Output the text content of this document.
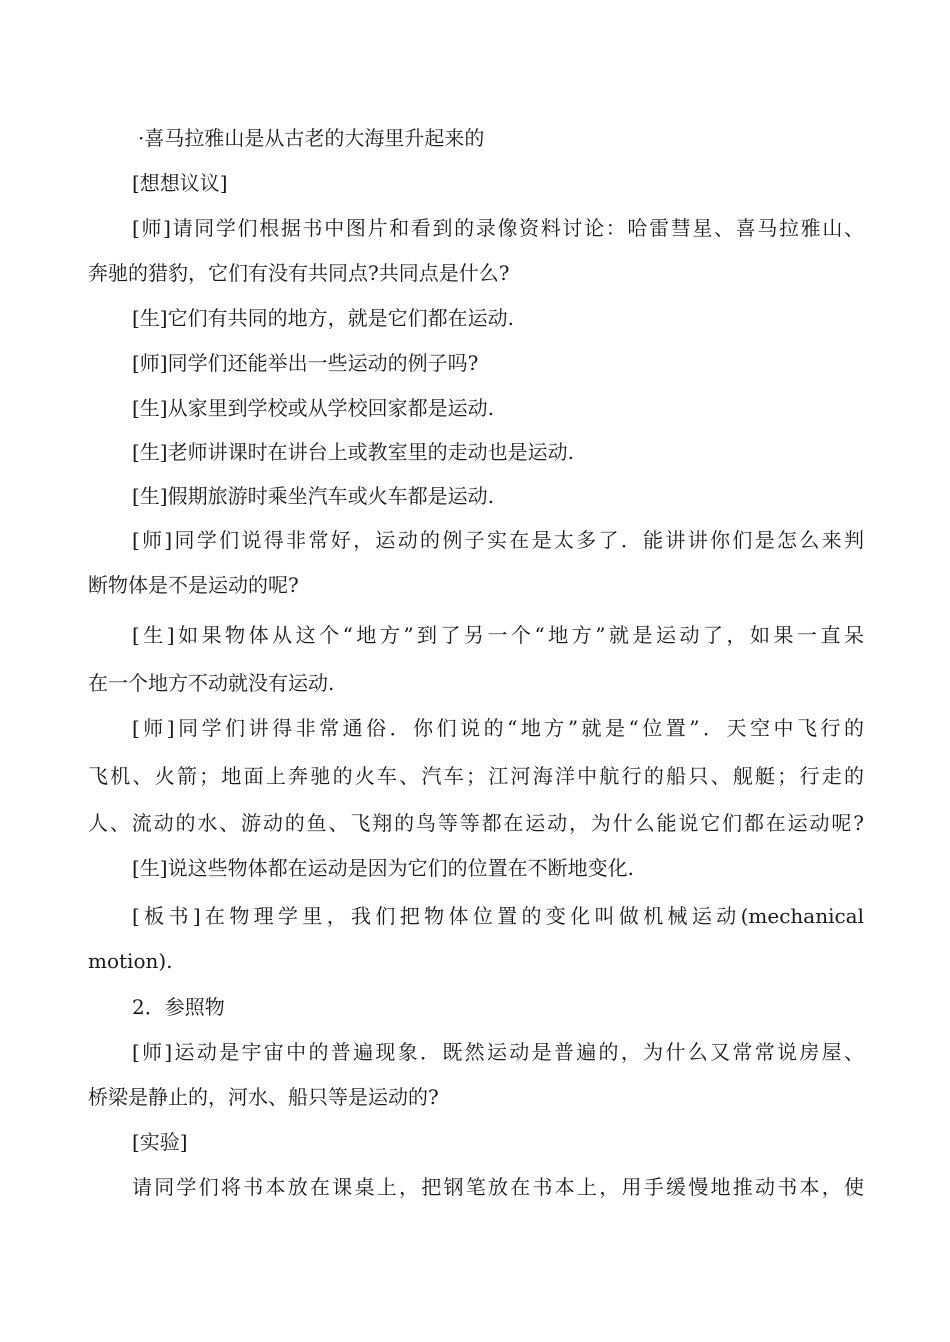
·喜马拉雅山是从古老的大海里升起来的
[想想议议]
[师]请同学们根据书中图片和看到的录像资料讨论：哈雷彗星、喜马拉雅山、
奔驰的猎豹，它们有没有共同点?共同点是什么?
[生]它们有共同的地方，就是它们都在运动.
[师]同学们还能举出一些运动的例子吗?
[生]从家里到学校或从学校回家都是运动.
[生]老师讲课时在讲台上或教室里的走动也是运动.
[生]假期旅游时乘坐汽车或火车都是运动.
[师]同学们说得非常好，运动的例子实在是太多了．能讲讲你们是怎么来判
断物体是不是运动的呢?
[生]如果物体从这个“地方”到了另一个“地方”就是运动了，如果一直呆
在一个地方不动就没有运动.
[师]同学们讲得非常通俗．你们说的“地方”就是“位置”．天空中飞行的
飞机、火箭；地面上奔驰的火车、汽车；江河海洋中航行的船只、舰艇；行走的
人、流动的水、游动的鱼、飞翔的鸟等等都在运动，为什么能说它们都在运动呢?
[生]说这些物体都在运动是因为它们的位置在不断地变化.
[板书]在物理学里，我们把物体位置的变化叫做机械运动(mechanical
motion).
2．参照物
[师]运动是宇宙中的普遍现象．既然运动是普遍的，为什么又常常说房屋、
桥梁是静止的，河水、船只等是运动的?
[实验]
请同学们将书本放在课桌上，把钢笔放在书本上，用手缓慢地推动书本，使
